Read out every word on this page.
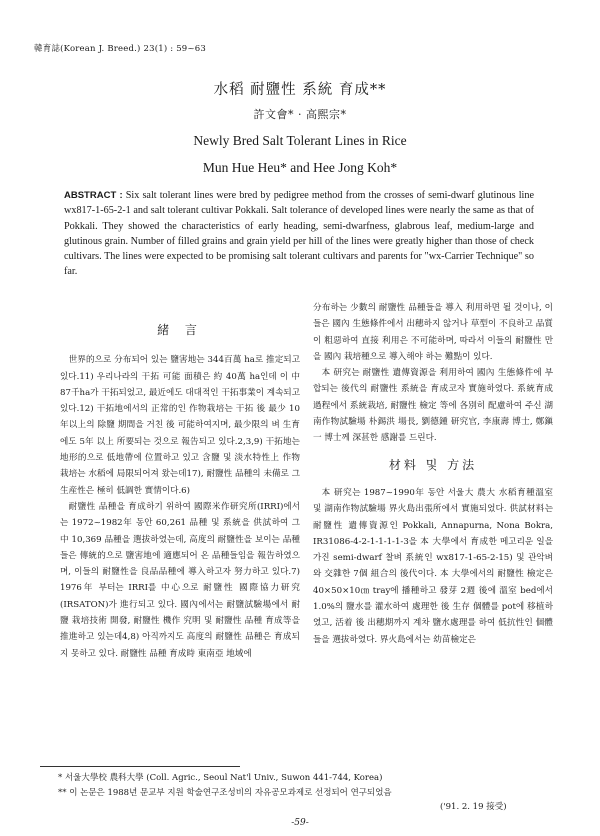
韓育誌(Korean J. Breed.) 23(1) : 59~63
水稻 耐鹽性 系統 育成**
許文會* · 高熙宗*
Newly Bred Salt Tolerant Lines in Rice
Mun Hue Heu* and Hee Jong Koh*
ABSTRACT : Six salt tolerant lines were bred by pedigree method from the crosses of semi-dwarf glutinous line wx817-1-65-2-1 and salt tolerant cultivar Pokkali. Salt tolerance of developed lines were nearly the same as that of Pokkali. They showed the characteristics of early heading, semi-dwarfness, glabrous leaf, medium-large and glutinous grain. Number of filled grains and grain yield per hill of the lines were greatly higher than those of check cultivars. The lines were expected to be promising salt tolerant cultivars and parents for "wx-Carrier Technique" so far.

緒 言

世界的으로 分布되어 있는 鹽害地는 344百萬 ha로 推定되고 있다.11) 우리나라의 干拓 可能 面積은 約 40萬 ha인데 이 中 87千ha가 干拓되었고, 最近에도 대대적인 干拓事業이 계속되고 있다.12) 干拓地에서의 正常的인 作物栽培는 干拓 後 最少 10年以上의 除鹽 期間을 거친 後 可能하여지며, 最少限의 벼 生育에도 5年 以上 所要되는 것으로 報告되고 있다.2,3,9) 干拓地는 地形的으로 低地帶에 位置하고 있고 含鹽 및 淡水特性上 作物栽培는 水稻에 局限되어져 왔는데17), 耐鹽性 品種의 未備로 그 生産性은 極히 低調한 實情이다.6)

耐鹽性 品種을 育成하기 위하여 國際米作研究所(IRRI)에서는 1972~1982年 동안 60,261 品種 및 系統을 供試하여 그 中 10,369 品種을 選拔하였는데, 高度의 耐鹽性을 보이는 品種들은 傳統的으로 鹽害地에 適應되어 온 品種들임을 報告하였으며, 이들의 耐鹽性을 良品品種에 導入하고자 努力하고 있다.7) 1976年 부터는 IRRI를 中心으로 耐鹽性 國際協力研究(IRSATON)가 進行되고 있다. 國內에서는 耐鹽試驗場에서 耐鹽 栽培技術 開發, 耐鹽性 機作 究明 및 耐鹽性 品種 育成等을 推進하고 있는데4,8) 아직까지도 高度의 耐鹽性 品種은 育成되지 못하고 있다. 耐鹽性 品種 育成時 東南亞 地域에

分布하는 少數의 耐鹽性 品種들을 導入 利用하면 될 것이나, 이들은 國內 生態條件에서 出穗하지 않거나 草型이 不良하고 品質이 粗惡하여 直接 利用은 不可能하며, 따라서 이들의 耐鹽性 만을 國內 栽培種으로 導入해야 하는 難點이 있다.

本 研究는 耐鹽性 遺傳資源을 利用하여 國內 生態條件에 부합되는 後代의 耐鹽性 系統을 育成코자 實施하였다. 系統育成 過程에서 系統栽培, 耐鹽性 檢定 等에 各別히 配慮하여 주신 湖南作物試驗場 朴錫洪 場長, 劉德鍾 研究官, 李康壽 博士, 鄭鎭一 博士께 深甚한 感謝를 드린다.

材料 및 方法

本 研究는 1987~1990年 동안 서울大 農大 水稻育種溫室 및 湖南作物試驗場 界火島出張所에서 實施되었다. 供試材料는 耐鹽性 遺傳資源인 Pokkali, Annapurna, Nona Bokra, IR31086-4-2-1-1-1-1-3을 本 大學에서 育成한 메고리운 일을 가진 semi-dwarf 찰벼 系統인 wx817-1-65-2-15) 및 관악벼와 交雜한 7個 組合의 後代이다. 本 大學에서의 耐鹽性 檢定은 40×50×10㎝ tray에 播種하고 發芽 2週 後에 溫室 bed에서 1.0%의 鹽水를 灌水하여 處理한 後 生存 個體를 pot에 移植하였고, 活着 後 出穗期까지 계차 鹽水處理를 하여 低抗性인 個體들을 選拔하였다. 界火島에서는 幼苗檢定은

* 서울大學校 農科大學 (Coll. Agric., Seoul Nat'l Univ., Suwon 441-744, Korea)
** 이 논문은 1988년 문교부 지원 학술연구조성비의 자유공모과제로 선정되어 연구되었음
('91. 2. 19 接受)
-59-
